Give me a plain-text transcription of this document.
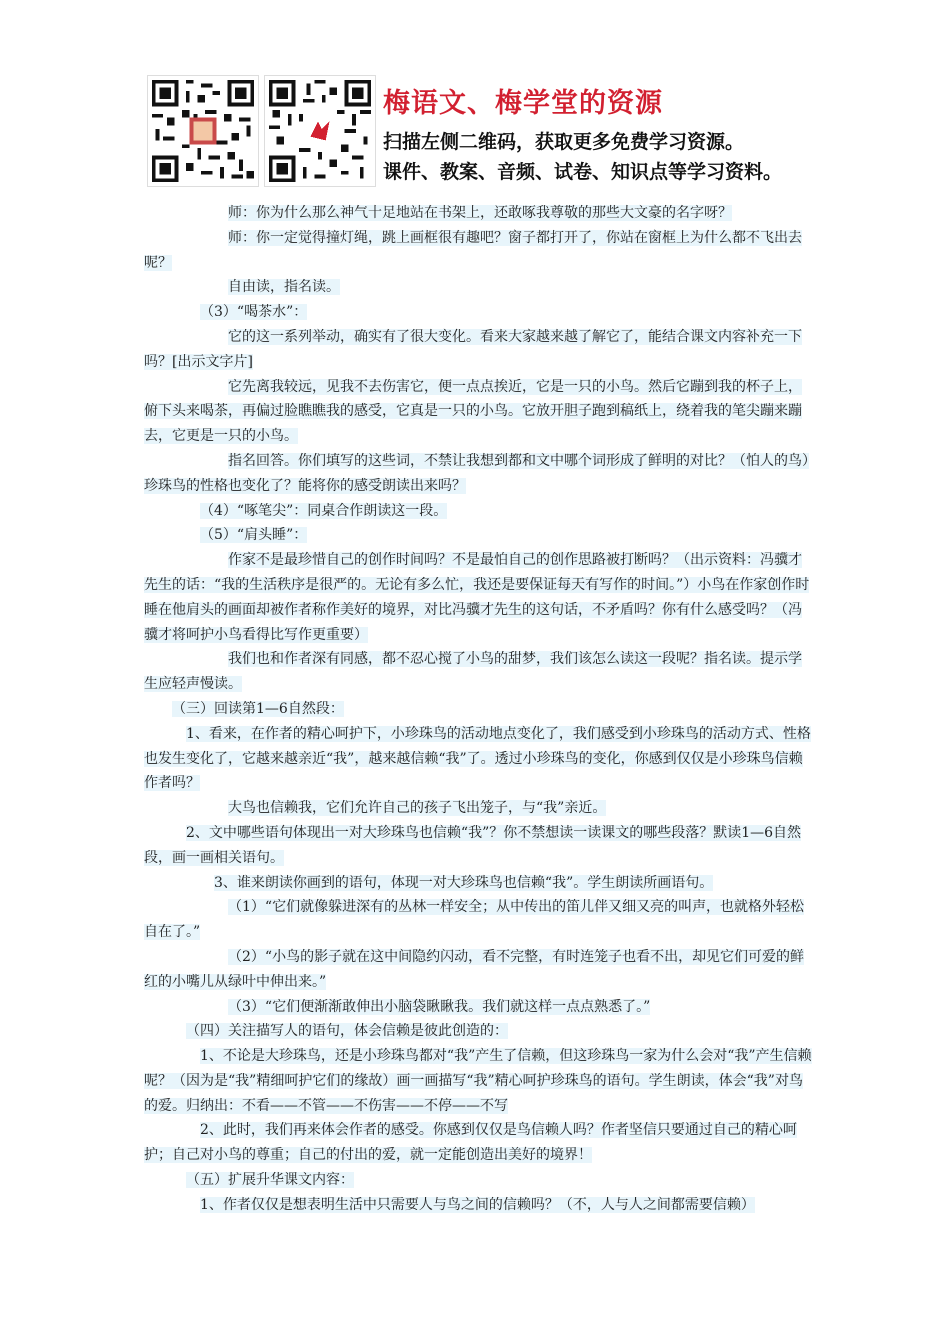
梅语文、梅学堂的资源
扫描左侧二维码，获取更多免费学习资源。
课件、教案、音频、试卷、知识点等学习资料。

师：你为什么那么神气十足地站在书架上，还敢啄我尊敬的那些大文豪的名字呀？

师：你一定觉得撞灯绳，跳上画框很有趣吧？窗子都打开了，你站在窗框上为什么都不飞出去呢？

自由读，指名读。

（3）“喝茶水”：

它的这一系列举动，确实有了很大变化。看来大家越来越了解它了，能结合课文内容补充一下吗？[出示文字片]

它先离我较远，见我不去伤害它，便一点点挨近，它是一只的小鸟。然后它蹦到我的杯子上，俯下头来喝茶，再偏过脸瞧瞧我的感受，它真是一只的小鸟。它放开胆子跑到稿纸上，绕着我的笔尖蹦来蹦去，它更是一只的小鸟。

指名回答。你们填写的这些词，不禁让我想到都和文中哪个词形成了鲜明的对比？（怕人的鸟）珍珠鸟的性格也变化了？能将你的感受朗读出来吗？

（4）“啄笔尖”：同桌合作朗读这一段。

（5）“肩头睡”：

作家不是最珍惜自己的创作时间吗？不是最怕自己的创作思路被打断吗？（出示资料：冯骥才先生的话：“我的生活秩序是很严的。无论有多么忙，我还是要保证每天有写作的时间。”）小鸟在作家创作时睡在他肩头的画面却被作者称作美好的境界，对比冯骥才先生的这句话，不矛盾吗？你有什么感受吗？（冯骥才将呵护小鸟看得比写作更重要）

我们也和作者深有同感，都不忍心搅了小鸟的甜梦，我们该怎么读这一段呢？指名读。提示学生应轻声慢读。

（三）回读第1—6自然段：

1、看来，在作者的精心呵护下，小珍珠鸟的活动地点变化了，我们感受到小珍珠鸟的活动方式、性格也发生变化了，它越来越亲近“我”，越来越信赖“我”了。透过小珍珠鸟的变化，你感到仅仅是小珍珠鸟信赖作者吗？

大鸟也信赖我，它们允许自己的孩子飞出笼子，与“我”亲近。

2、文中哪些语句体现出一对大珍珠鸟也信赖“我”？你不禁想读一读课文的哪些段落？默读1—6自然段，画一画相关语句。

3、谁来朗读你画到的语句，体现一对大珍珠鸟也信赖“我”。学生朗读所画语句。

（1）“它们就像躲进深有的丛林一样安全；从中传出的笛儿伴又细又亮的叫声，也就格外轻松自在了。”

（2）“小鸟的影子就在这中间隐约闪动，看不完整，有时连笼子也看不出，却见它们可爱的鲜红的小嘴儿从绿叶中伸出来。”

（3）“它们便渐渐敢伸出小脑袋瞅瞅我。我们就这样一点点熟悉了。”

（四）关注描写人的语句，体会信赖是彼此创造的：

1、不论是大珍珠鸟，还是小珍珠鸟都对“我”产生了信赖，但这珍珠鸟一家为什么会对“我”产生信赖呢？（因为是“我”精细呵护它们的缘故）画一画描写“我”精心呵护珍珠鸟的语句。学生朗读，体会“我”对鸟的爱。归纳出：不看——不管——不伤害——不停——不写

2、此时，我们再来体会作者的感受。你感到仅仅是鸟信赖人吗？作者坚信只要通过自己的精心呵护；自己对小鸟的尊重；自己的付出的爱，就一定能创造出美好的境界！

（五）扩展升华课文内容：

1、作者仅仅是想表明生活中只需要人与鸟之间的信赖吗？（不，人与人之间都需要信赖）
